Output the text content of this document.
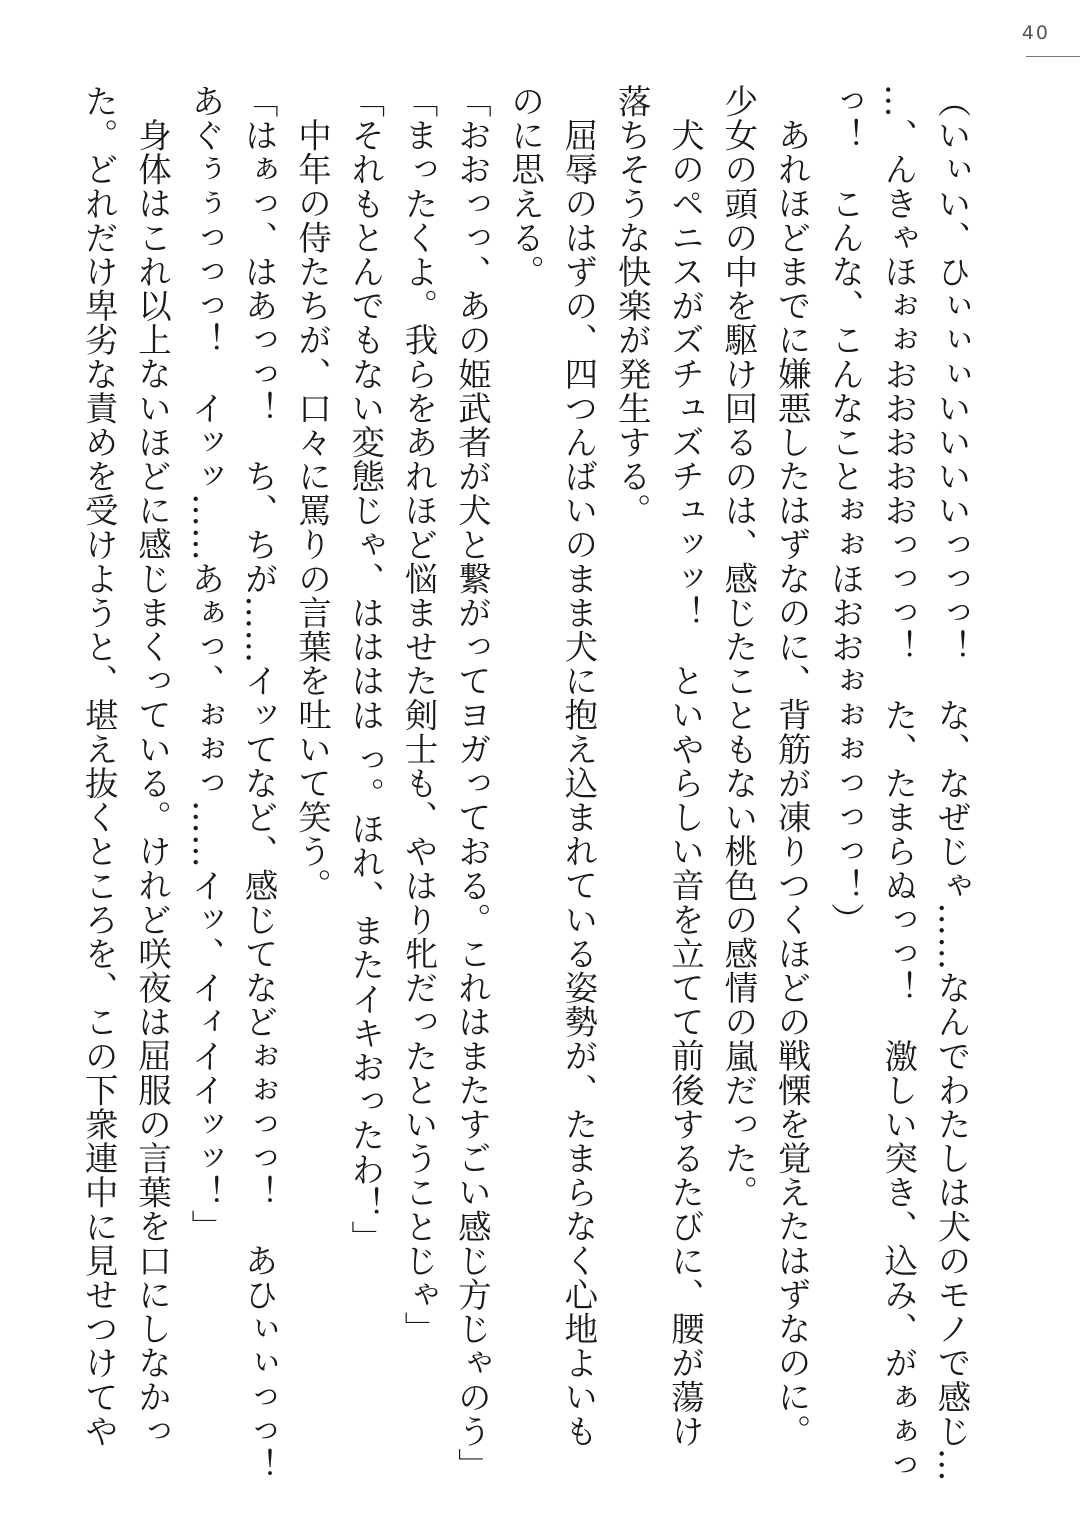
40
（いぃい、ひぃぃぃいいいいっっっ！　な、なぜじゃ……なんでわたしは犬のモノで感じ…
…、んきゃほぉぉおおおおおっっっ！　た、たまらぬっっ！　激しい突き、込み、がぁぁっ
っ！　こんな、こんなことぉぉほおおぉぉぉっっっ！）
あれほどまでに嫌悪したはずなのに、背筋が凍りつくほどの戦慄を覚えたはずなのに。
少女の頭の中を駆け回るのは、感じたこともない桃色の感情の嵐だった。
犬のペニスがズチュズチュッッ！　といやらしい音を立てて前後するたびに、腰が蕩け
落ちそうな快楽が発生する。
屈辱のはずの、四つんばいのまま犬に抱え込まれている姿勢が、たまらなく心地よいも
のに思える。
「おおっっ、あの姫武者が犬と繋がってヨガっておる。これはまたすごい感じ方じゃのう」
「まったくよ。我らをあれほど悩ませた剣士も、やはり牝だったということじゃ」
「それもとんでもない変態じゃ、はははは っ。ほれ、またイキおったわ！」
中年の侍たちが、口々に罵りの言葉を吐いて笑う。
「はぁっ、はあっっ！　ち、ちが……イッてなど、感じてなどぉぉっっ！　あひぃぃっっ！
あぐぅぅっっっ！　イッッ……あぁっ、ぉぉっ……イッ、イィイイッッ！」
身体はこれ以上ないほどに感じまくっている。けれど咲夜は屈服の言葉を口にしなかっ
た。どれだけ卑劣な責めを受けようと、堪え抜くところを、この下衆連中に見せつけてや
